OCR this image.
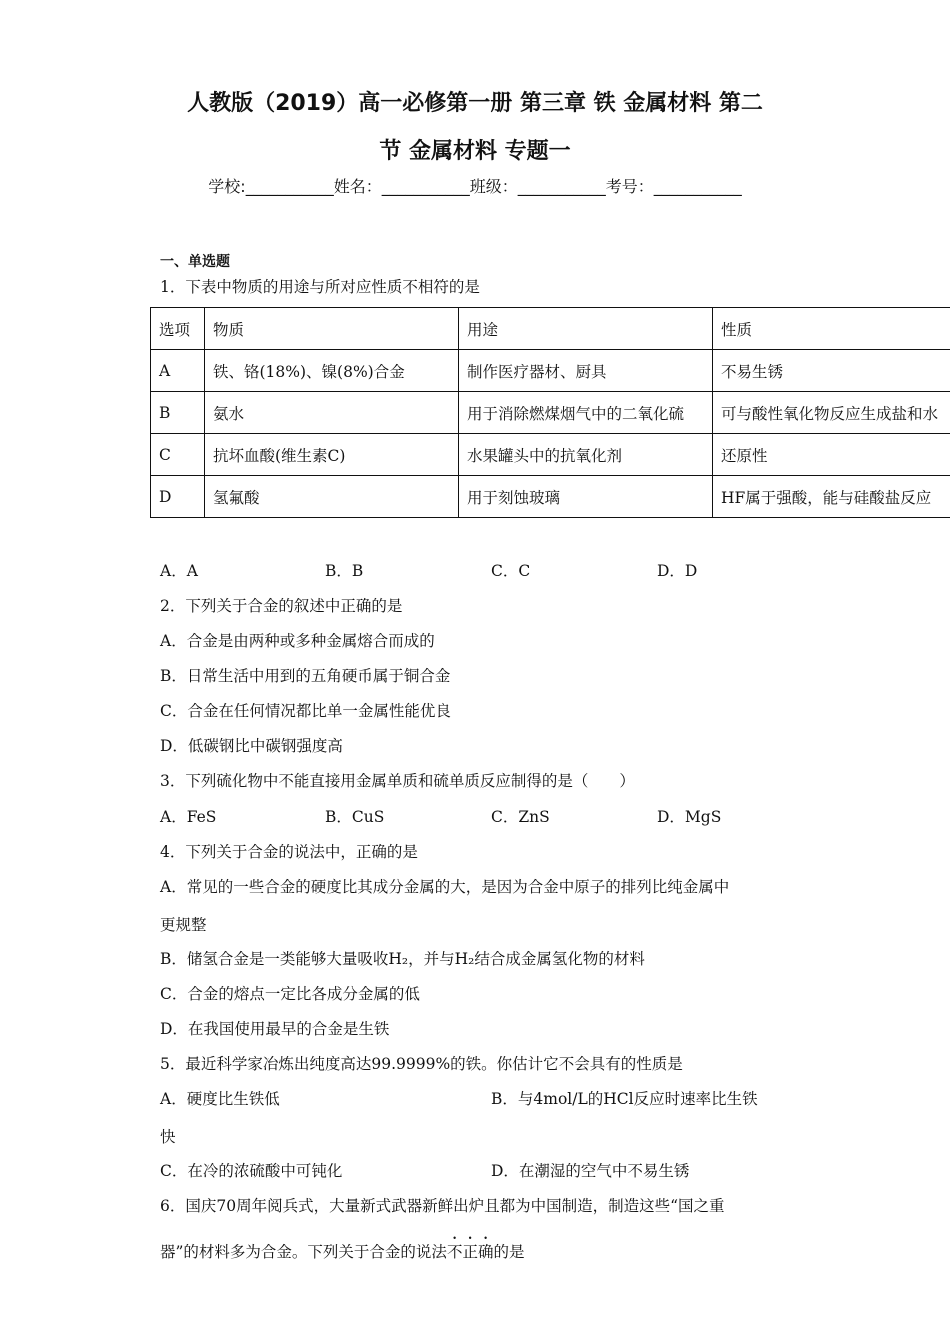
人教版（2019）高一必修第一册 第三章 铁 金属材料 第二
节 金属材料 专题一
学校:___________姓名：___________班级：___________考号：___________
一、单选题
1．下表中物质的用途与所对应性质不相符的是
选项	物质	用途	性质
A	铁、铬(18%)、镍(8%)合金	制作医疗器材、厨具	不易生锈
B	氨水	用于消除燃煤烟气中的二氧化硫	可与酸性氧化物反应生成盐和水
C	抗坏血酸(维生素C)	水果罐头中的抗氧化剂	还原性
D	氢氟酸	用于刻蚀玻璃	HF属于强酸，能与硅酸盐反应
A．A	B．B	C．C	D．D
2．下列关于合金的叙述中正确的是
A．合金是由两种或多种金属熔合而成的
B．日常生活中用到的五角硬币属于铜合金
C．合金在任何情况都比单一金属性能优良
D．低碳钢比中碳钢强度高
3．下列硫化物中不能直接用金属单质和硫单质反应制得的是（　　）
A．FeS	B．CuS	C．ZnS	D．MgS
4．下列关于合金的说法中，正确的是
A．常见的一些合金的硬度比其成分金属的大，是因为合金中原子的排列比纯金属中
更规整
B．储氢合金是一类能够大量吸收H₂，并与H₂结合成金属氢化物的材料
C．合金的熔点一定比各成分金属的低
D．在我国使用最早的合金是生铁
5．最近科学家冶炼出纯度高达99.9999%的铁。你估计它不会具有的性质是
A．硬度比生铁低	B．与4mol/L的HCl反应时速率比生铁
快
C．在冷的浓硫酸中可钝化	D．在潮湿的空气中不易生锈
6．国庆70周年阅兵式，大量新式武器新鲜出炉且都为中国制造，制造这些“国之重
器”的材料多为合金。下列关于合金的说法不正确的是
